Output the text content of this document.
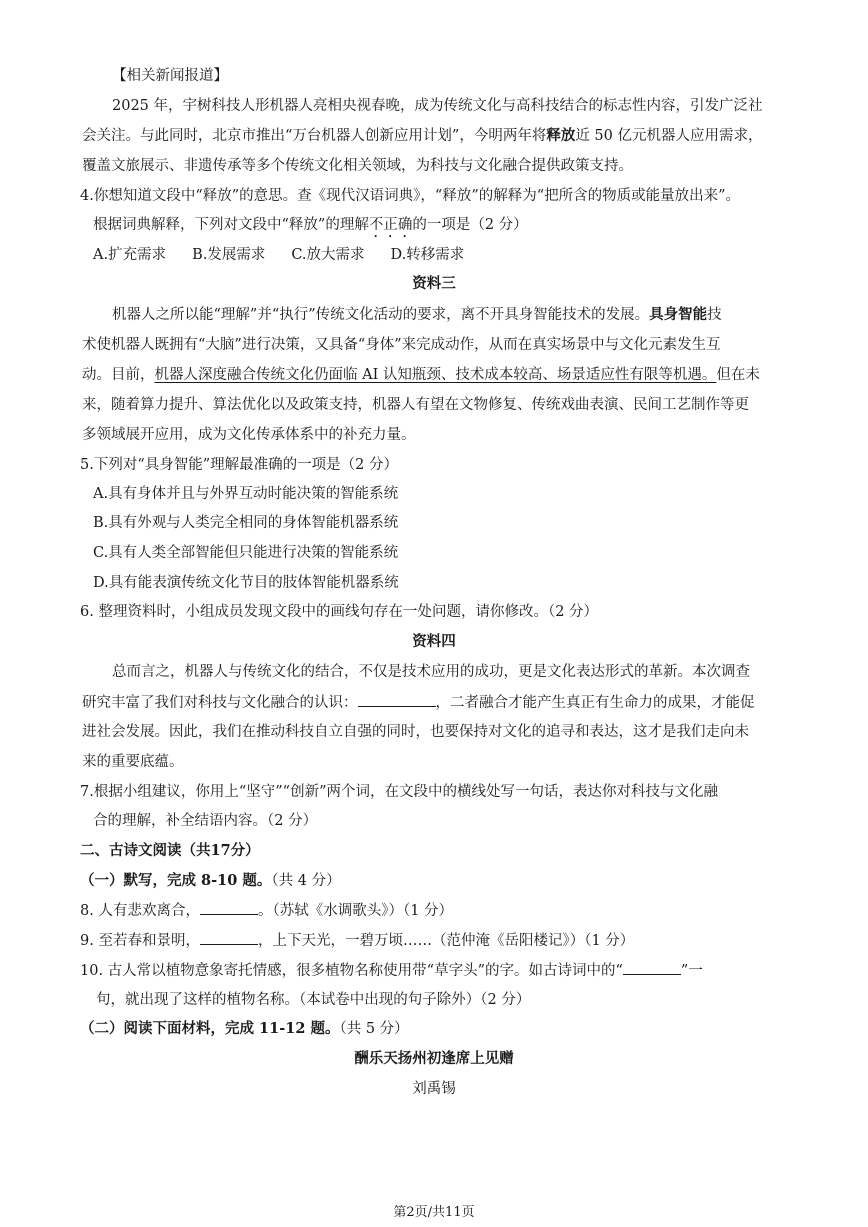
【相关新闻报道】
2025 年，宇树科技人形机器人亮相央视春晚，成为传统文化与高科技结合的标志性内容，引发广泛社
会关注。与此同时，北京市推出“万台机器人创新应用计划”，今明两年将释放近 50 亿元机器人应用需求，
覆盖文旅展示、非遗传承等多个传统文化相关领域，为科技与文化融合提供政策支持。
4.你想知道文段中“释放”的意思。查《现代汉语词典》，“释放”的解释为“把所含的物质或能量放出来”。
根据词典解释，下列对文段中“释放”的理解不正确的一项是（2 分）
A.扩充需求 B.发展需求 C.放大需求 D.转移需求
资料三
机器人之所以能“理解”并“执行”传统文化活动的要求，离不开具身智能技术的发展。具身智能技
术使机器人既拥有“大脑”进行决策，又具备“身体”来完成动作，从而在真实场景中与文化元素发生互
动。目前，机器人深度融合传统文化仍面临 AI 认知瓶颈、技术成本较高、场景适应性有限等机遇。但在未
来，随着算力提升、算法优化以及政策支持，机器人有望在文物修复、传统戏曲表演、民间工艺制作等更
多领域展开应用，成为文化传承体系中的补充力量。
5.下列对“具身智能”理解最准确的一项是（2 分）
A.具有身体并且与外界互动时能决策的智能系统
B.具有外观与人类完全相同的身体智能机器系统
C.具有人类全部智能但只能进行决策的智能系统
D.具有能表演传统文化节目的肢体智能机器系统
6. 整理资料时，小组成员发现文段中的画线句存在一处问题，请你修改。（2 分）
资料四
总而言之，机器人与传统文化的结合，不仅是技术应用的成功，更是文化表达形式的革新。本次调查
研究丰富了我们对科技与文化融合的认识：	，二者融合才能产生真正有生命力的成果，才能促
进社会发展。因此，我们在推动科技自立自强的同时，也要保持对文化的追寻和表达，这才是我们走向未
来的重要底蕴。
7.根据小组建议，你用上“坚守”“创新”两个词，在文段中的横线处写一句话，表达你对科技与文化融
合的理解，补全结语内容。（2 分）
二、古诗文阅读（共17分）
（一）默写，完成 8-10 题。（共 4 分）
8. 人有悲欢离合，	。（苏轼《水调歌头》）（1 分）
9. 至若春和景明，	，上下天光，一碧万顷……（范仲淹《岳阳楼记》）（1 分）
10. 古人常以植物意象寄托情感，很多植物名称使用带“草字头”的字。如古诗词中的“	”一
句，就出现了这样的植物名称。（本试卷中出现的句子除外）（2 分）
（二）阅读下面材料，完成 11-12 题。（共 5 分）
酬乐天扬州初逢席上见赠
刘禹锡
第2页/共11页
